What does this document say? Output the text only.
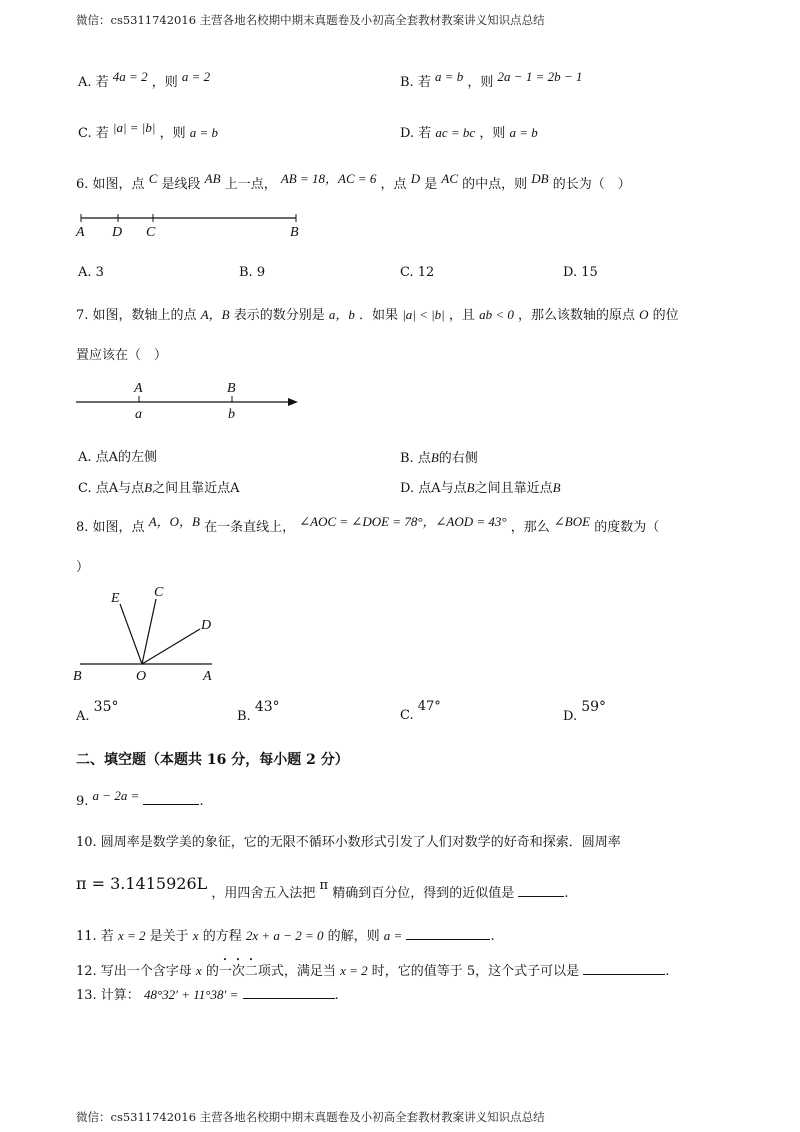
微信：cs5311742016 主营各地名校期中期末真题卷及小初高全套教材教案讲义知识点总结
A. 若 4a = 2 ，则 a = 2	B. 若 a = b ，则 2a − 1 = 2b − 1
C. 若 |a| = |b| ，则 a = b	D. 若 ac = bc ，则 a = b
6. 如图，点 C 是线段 AB 上一点， AB = 18，AC = 6 ，点 D 是 AC 的中点，则 DB 的长为（　）
A D C	B
A. 3	B. 9	C. 12	D. 15
7. 如图，数轴上的点 A，B 表示的数分别是 a，b ．如果 |a| < |b| ，且 ab < 0 ，那么该数轴的原点 O 的位
置应该在（　）
A	B
a	b
A. 点A的左侧	B. 点B的右侧
C. 点A与点B之间且靠近点A	D. 点A与点B之间且靠近点B
8. 如图，点 A，O，B 在一条直线上， ∠AOC = ∠DOE = 78°，∠AOD = 43° ，那么 ∠BOE 的度数为（
）
E C
D
B	O	A
A. 35°
B. 43°
C. 47°
D. 59°
二、填空题（本题共 16 分，每小题 2 分）
9. a − 2a =	.
10. 圆周率是数学美的象征，它的无限不循环小数形式引发了人们对数学的好奇和探索．圆周率
π = 3.1415926L ，用四舍五入法把 π 精确到百分位，得到的近似值是	.
11. 若 x = 2 是关于 x 的方程 2x + a − 2 = 0 的解，则 a =	.
12. 写出一个含字母 x 的一次二项式，满足当 x = 2 时，它的值等于 5，这个式子可以是	.
13. 计算： 48°32′ + 11°38′ =	.
微信：cs5311742016 主营各地名校期中期末真题卷及小初高全套教材教案讲义知识点总结
